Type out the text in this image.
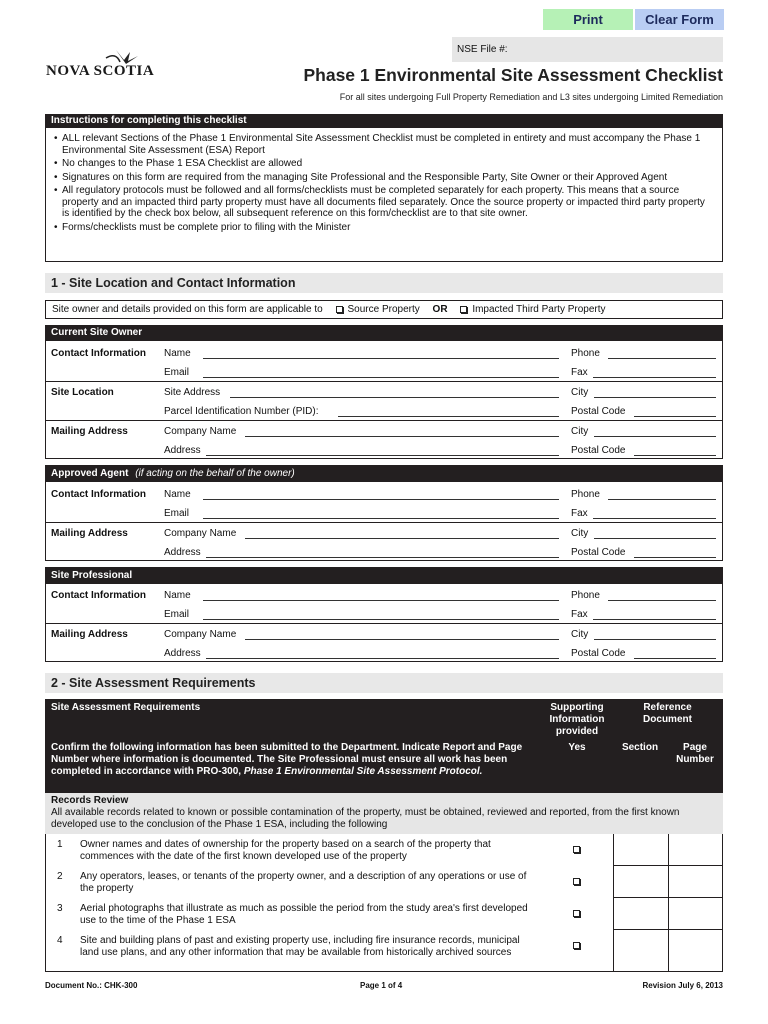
Print	Clear Form
NSE File #:
NOVA SCOTIA	Phase 1 Environmental Site Assessment Checklist
For all sites undergoing Full Property Remediation and L3 sites undergoing Limited Remediation
Instructions for completing this checklist
• ALL relevant Sections of the Phase 1 Environmental Site Assessment Checklist must be completed in entirety and must accompany the Phase 1 Environmental Site Assessment (ESA) Report
• No changes to the Phase 1 ESA Checklist are allowed
• Signatures on this form are required from the managing Site Professional and the Responsible Party, Site Owner or their Approved Agent
• All regulatory protocols must be followed and all forms/checklists must be completed separately for each property. This means that a source property and an impacted third party property must have all documents filed separately. Once the source property or impacted third party property is identified by the check box below, all subsequent reference on this form/checklist are to that site owner.
• Forms/checklists must be complete prior to filing with the Minister
1 - Site Location and Contact Information
Site owner and details provided on this form are applicable to Source Property OR Impacted Third Party Property
Current Site Owner
Contact Information Name	Phone
Email	Fax
Site Location	Site Address	City
Parcel Identification Number (PID):	Postal Code
Mailing Address	Company Name	City
Address	Postal Code
Approved Agent (if acting on the behalf of the owner)
Contact Information Name	Phone
Email	Fax
Mailing Address	Company Name	City
Address	Postal Code
Site Professional
Contact Information Name	Phone
Email	Fax
Mailing Address	Company Name	City
Address	Postal Code
2 - Site Assessment Requirements
Site Assessment Requirements	Supporting Information provided
Reference Document
Confirm the following information has been submitted to the Department. Indicate Report and Page Number where information is documented. The Site Professional must ensure all work has been completed in accordance with PRO-300, Phase 1 Environmental Site Assessment Protocol.
Yes	Section	Page Number
Records Review
All available records related to known or possible contamination of the property, must be obtained, reviewed and reported, from the first known developed use to the conclusion of the Phase 1 ESA, including the following
1 Owner names and dates of ownership for the property based on a search of the property that commences with the date of the first known developed use of the property
2 Any operators, leases, or tenants of the property owner, and a description of any operations or use of the property
3 Aerial photographs that illustrate as much as possible the period from the study area's first developed use to the time of the Phase 1 ESA
4 Site and building plans of past and existing property use, including fire insurance records, municipal land use plans, and any other information that may be available from historically archived sources
Document No.: CHK-300	Page 1 of 4	Revision July 6, 2013
